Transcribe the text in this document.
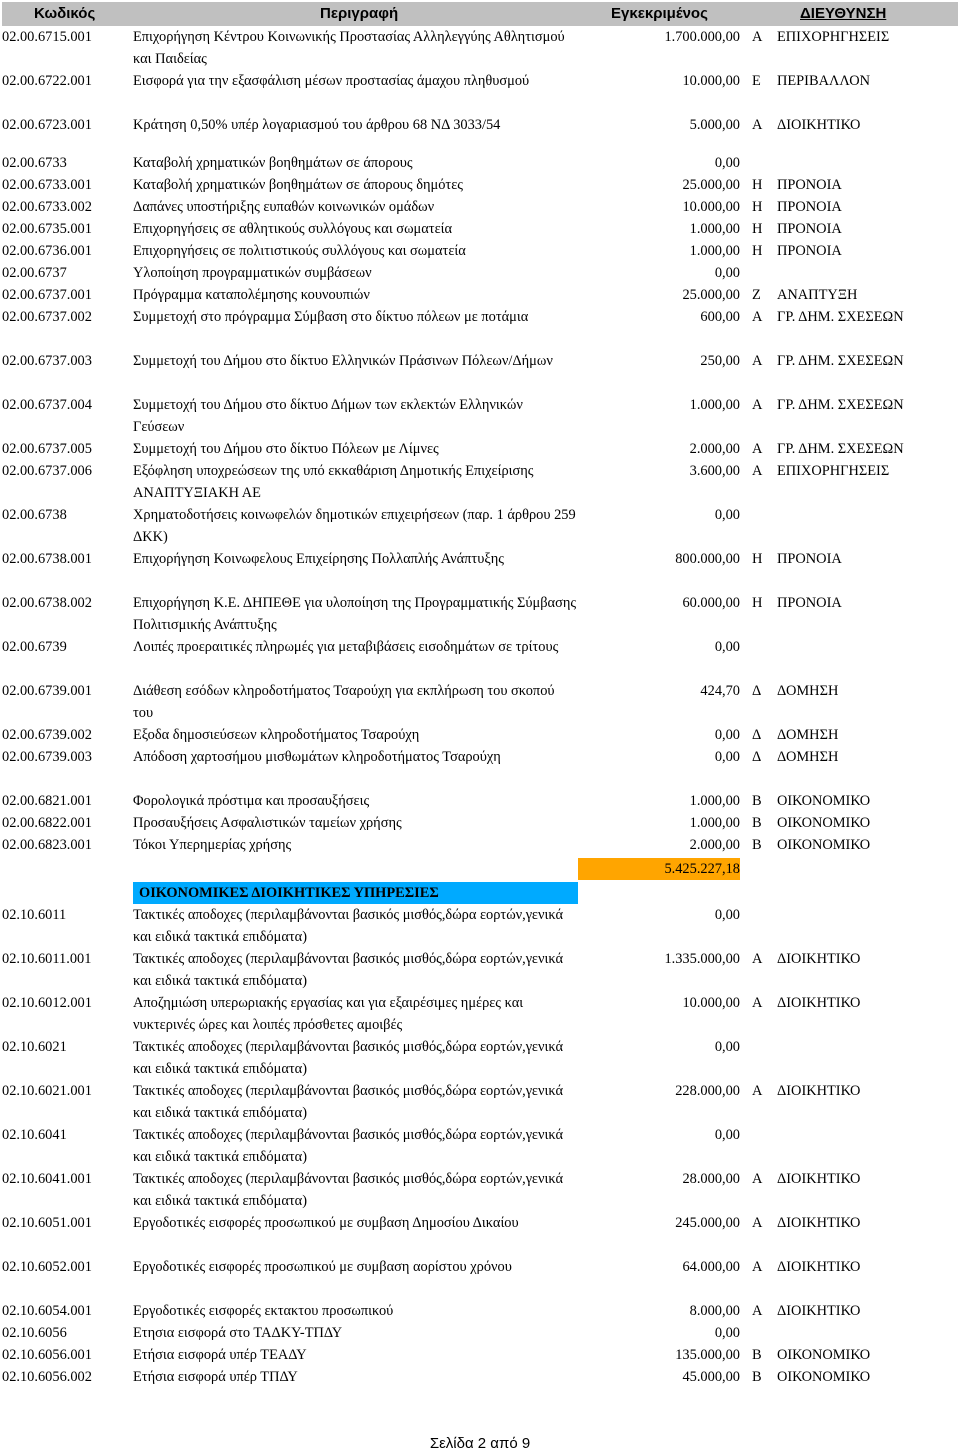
Κωδικός	Περιγραφή	Εγκεκριμένος	ΔΙΕΥΘΥΝΣΗ
02.00.6715.001	Επιχορήγηση Κέντρου Κοινωνικής Προστασίας Αλληλεγγύης Αθλητισμού και Παιδείας
1.700.000,00 Α ΕΠΙΧΟΡΗΓΗΣΕΙΣ
02.00.6722.001	Εισφορά για την εξασφάλιση μέσων προστασίας άμαχου πληθυσμού	10.000,00 Ε ΠΕΡΙΒΑΛΛΟΝ
02.00.6723.001	Κράτηση 0,50% υπέρ λογαριασμού του άρθρου 68 ΝΔ 3033/54	5.000,00 Α ΔΙΟΙΚΗΤΙΚΟ
02.00.6733	Καταβολή χρηματικών βοηθημάτων σε άπορους	0,00
02.00.6733.001	Καταβολή χρηματικών βοηθημάτων σε άπορους δημότες	25.000,00 Η ΠΡΟΝΟΙΑ
02.00.6733.002	Δαπάνες υποστήριξης ευπαθών κοινωνικών ομάδων	10.000,00 Η ΠΡΟΝΟΙΑ
02.00.6735.001	Επιχορηγήσεις σε αθλητικούς συλλόγους και σωματεία	1.000,00 Η ΠΡΟΝΟΙΑ
02.00.6736.001	Επιχορηγήσεις σε πολιτιστικούς συλλόγους και σωματεία	1.000,00 Η ΠΡΟΝΟΙΑ
02.00.6737	Υλοποίηση προγραμματικών συμβάσεων	0,00
02.00.6737.001	Πρόγραμμα καταπολέμησης κουνουπιών	25.000,00 Ζ ΑΝΑΠΤΥΞΗ
02.00.6737.002	Συμμετοχή στο πρόγραμμα Σύμβαση στο δίκτυο πόλεων με ποτάμια	600,00 Α ΓΡ. ΔΗΜ. ΣΧΕΣΕΩΝ
02.00.6737.003	Συμμετοχή του Δήμου στο δίκτυο Ελληνικών Πράσινων Πόλεων/Δήμων	250,00 Α ΓΡ. ΔΗΜ. ΣΧΕΣΕΩΝ
02.00.6737.004	Συμμετοχή του Δήμου στο δίκτυο Δήμων των εκλεκτών Ελληνικών Γεύσεων
1.000,00 Α ΓΡ. ΔΗΜ. ΣΧΕΣΕΩΝ
02.00.6737.005	Συμμετοχή του Δήμου στο δίκτυο Πόλεων με Λίμνες	2.000,00 Α ΓΡ. ΔΗΜ. ΣΧΕΣΕΩΝ
02.00.6737.006	Εξόφληση υποχρεώσεων της υπό εκκαθάριση Δημοτικής Επιχείρισης ΑΝΑΠΤΥΞΙΑΚΗ ΑΕ
3.600,00 Α ΕΠΙΧΟΡΗΓΗΣΕΙΣ
02.00.6738	Χρηματοδοτήσεις κοινωφελών δημοτικών επιχειρήσεων (παρ. 1 άρθρου 259 ΔΚΚ)
0,00
02.00.6738.001	Επιχορήγηση Κοινωφελους Επιχείρησης Πολλαπλής Ανάπτυξης	800.000,00 Η ΠΡΟΝΟΙΑ
02.00.6738.002	Επιχορήγηση Κ.Ε. ΔΗΠΕΘΕ για υλοποίηση της Προγραμματικής Σύμβασης Πολιτισμικής Ανάπτυξης
60.000,00 Η ΠΡΟΝΟΙΑ
02.00.6739	Λοιπές προεραιτικές πληρωμές για μεταβιβάσεις εισοδημάτων σε τρίτους	0,00
02.00.6739.001	Διάθεση εσόδων κληροδοτήματος Τσαρούχη για εκπλήρωση του σκοπού του
424,70 Δ ΔΟΜΗΣΗ
02.00.6739.002	Εξοδα δημοσιεύσεων κληροδοτήματος Τσαρούχη	0,00 Δ ΔΟΜΗΣΗ
02.00.6739.003	Απόδοση χαρτοσήμου μισθωμάτων κληροδοτήματος Τσαρούχη	0,00 Δ ΔΟΜΗΣΗ
02.00.6821.001	Φορολογικά πρόστιμα και προσαυξήσεις	1.000,00 Β ΟΙΚΟΝΟΜΙΚΟ
02.00.6822.001	Προσαυξήσεις Ασφαλιστικών ταμείων χρήσης	1.000,00 Β ΟΙΚΟΝΟΜΙΚΟ
02.00.6823.001	Τόκοι Υπερημερίας χρήσης	2.000,00 Β ΟΙΚΟΝΟΜΙΚΟ
5.425.227,18
ΟΙΚΟΝΟΜΙΚΕΣ ΔΙΟΙΚΗΤΙΚΕΣ ΥΠΗΡΕΣΙΕΣ
02.10.6011	Τακτικές αποδοχες (περιλαμβάνονται βασικός μισθός,δώρα εορτών,γενικά και ειδικά τακτικά επιδόματα)
0,00
02.10.6011.001	Τακτικές αποδοχες (περιλαμβάνονται βασικός μισθός,δώρα εορτών,γενικά και ειδικά τακτικά επιδόματα)
1.335.000,00 Α ΔΙΟΙΚΗΤΙΚΟ
02.10.6012.001	Αποζημιώση υπερωριακής εργασίας και για εξαιρέσιμες ημέρες και νυκτερινές ώρες και λοιπές πρόσθετες αμοιβές
10.000,00 Α ΔΙΟΙΚΗΤΙΚΟ
02.10.6021	Τακτικές αποδοχες (περιλαμβάνονται βασικός μισθός,δώρα εορτών,γενικά και ειδικά τακτικά επιδόματα)
0,00
02.10.6021.001	Τακτικές αποδοχες (περιλαμβάνονται βασικός μισθός,δώρα εορτών,γενικά και ειδικά τακτικά επιδόματα)
228.000,00 Α ΔΙΟΙΚΗΤΙΚΟ
02.10.6041	Τακτικές αποδοχες (περιλαμβάνονται βασικός μισθός,δώρα εορτών,γενικά και ειδικά τακτικά επιδόματα)
0,00
02.10.6041.001	Τακτικές αποδοχες (περιλαμβάνονται βασικός μισθός,δώρα εορτών,γενικά και ειδικά τακτικά επιδόματα)
28.000,00 Α ΔΙΟΙΚΗΤΙΚΟ
02.10.6051.001	Εργοδοτικές εισφορές προσωπικού με συμβαση Δημοσίου Δικαίου	245.000,00 Α ΔΙΟΙΚΗΤΙΚΟ
02.10.6052.001	Εργοδοτικές εισφορές προσωπικού με συμβαση αορίστου χρόνου	64.000,00 Α ΔΙΟΙΚΗΤΙΚΟ
02.10.6054.001	Εργοδοτικές εισφορές εκτακτου προσωπικού	8.000,00 Α ΔΙΟΙΚΗΤΙΚΟ
02.10.6056	Ετησια εισφορά στο ΤΑΔΚΥ-ΤΠΔΥ	0,00
02.10.6056.001	Ετήσια εισφορά υπέρ ΤΕΑΔΥ	135.000,00 Β ΟΙΚΟΝΟΜΙΚΟ
02.10.6056.002	Ετήσια εισφορά υπέρ ΤΠΔΥ	45.000,00 Β ΟΙΚΟΝΟΜΙΚΟ
Σελίδα 2 από 9
